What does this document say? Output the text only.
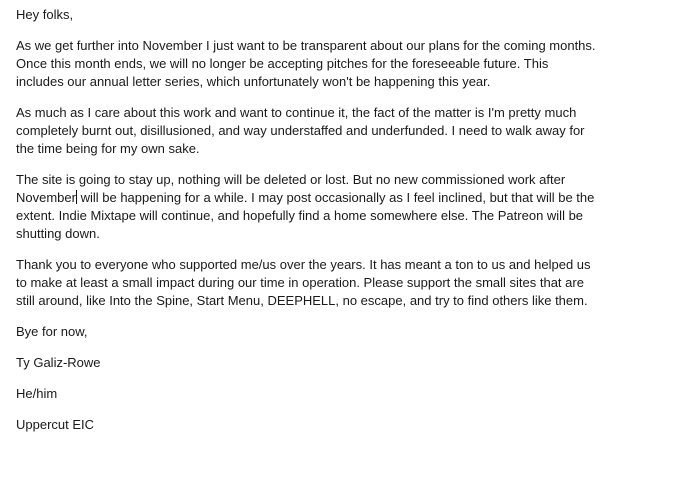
Hey folks,

As we get further into November I just want to be transparent about our plans for the coming months. Once this month ends, we will no longer be accepting pitches for the foreseeable future. This includes our annual letter series, which unfortunately won't be happening this year.

As much as I care about this work and want to continue it, the fact of the matter is I'm pretty much completely burnt out, disillusioned, and way understaffed and underfunded. I need to walk away for the time being for my own sake.

The site is going to stay up, nothing will be deleted or lost. But no new commissioned work after November will be happening for a while. I may post occasionally as I feel inclined, but that will be the extent. Indie Mixtape will continue, and hopefully find a home somewhere else. The Patreon will be shutting down.

Thank you to everyone who supported me/us over the years. It has meant a ton to us and helped us to make at least a small impact during our time in operation. Please support the small sites that are still around, like Into the Spine, Start Menu, DEEPHELL, no escape, and try to find others like them.

Bye for now,

Ty Galiz-Rowe

He/him

Uppercut EIC
